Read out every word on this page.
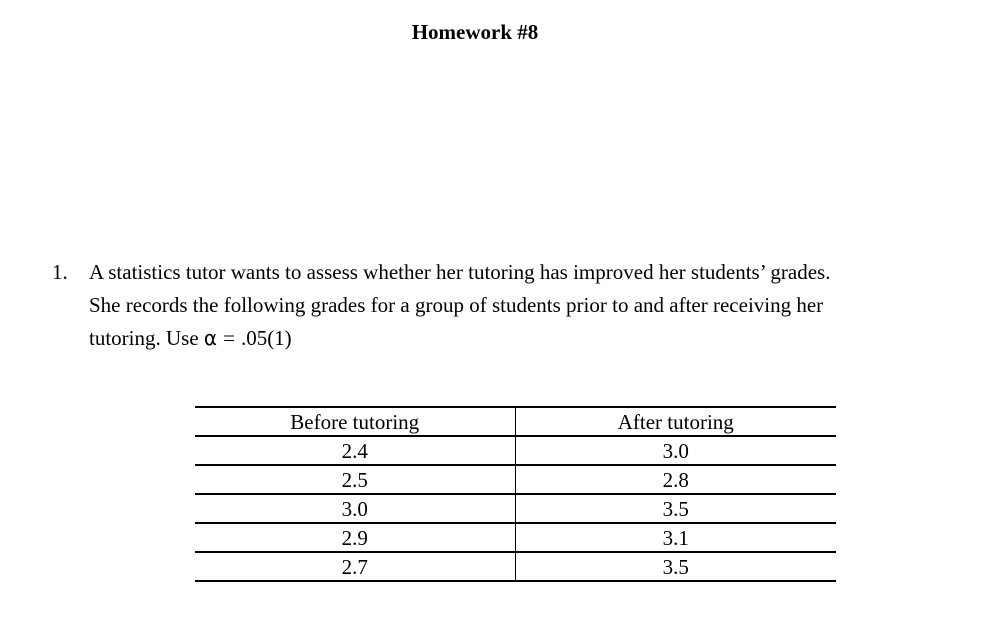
Homework #8
1. A statistics tutor wants to assess whether her tutoring has improved her students’ grades.
She records the following grades for a group of students prior to and after receiving her
tutoring. Use α = .05(1)
Before tutoring	After tutoring
2.4	3.0
2.5	2.8
3.0	3.5
2.9	3.1
2.7	3.5
